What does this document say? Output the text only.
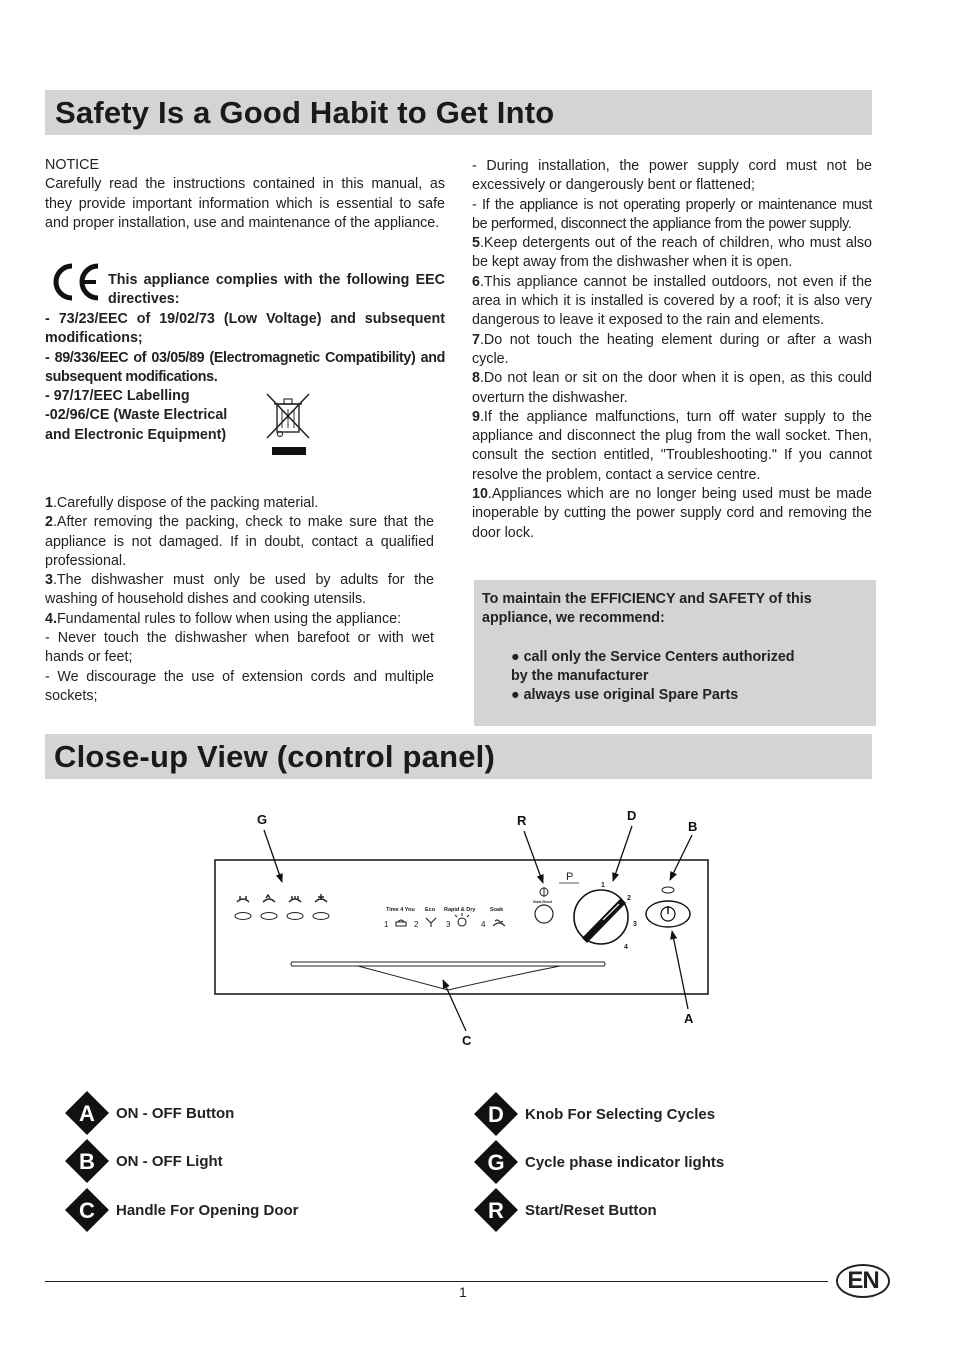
Safety Is a Good Habit to Get Into

NOTICE

Carefully read the instructions contained in this manual, as they provide important information which is essential to safe and proper installation, use and maintenance of the appliance.

This appliance complies with the following EEC directives:

- 73/23/EEC of 19/02/73 (Low Voltage) and subsequent modifications;

- 89/336/EEC of 03/05/89 (Electromagnetic Compatibility) and subsequent modifications.

- 97/17/EEC Labelling

-02/96/CE (Waste Electrical and Electronic Equipment)

1.Carefully dispose of the packing material.

2.After removing the packing, check to make sure that the appliance is not damaged. If in doubt, contact a qualified professional.

3.The dishwasher must only be used by adults for the washing of household dishes and cooking utensils.

4.Fundamental rules to follow when using the appliance:

- Never touch the dishwasher when barefoot or with wet hands or feet;

- We discourage the use of extension cords and multiple sockets;

- During installation, the power supply cord must not be excessively or dangerously bent or flattened;

- If the appliance is not operating properly or maintenance must be performed, disconnect the appliance from the power supply.

5.Keep detergents out of the reach of children, who must also be kept away from the dishwasher when it is open.

6.This appliance cannot be installed outdoors, not even if the area in which it is installed is covered by a roof; it is also very dangerous to leave it exposed to the rain and elements.

7.Do not touch the heating element during or after a wash cycle.

8.Do not lean or sit on the door when it is open, as this could overturn the dishwasher.

9.If the appliance malfunctions, turn off water supply to the appliance and disconnect the plug from the wall socket. Then, consult the section entitled, "Troubleshooting." If you cannot resolve the problem, contact a service centre.

10.Appliances which are no longer being used must be made inoperable by cutting the power supply cord and removing the door lock.

To maintain the EFFICIENCY and SAFETY of this appliance, we recommend:
● call only the Service Centers authorized
by the manufacturer
● always use original Spare Parts
Close-up View (control panel)
Time 4 You Eco Rapid & Dry	Soak
1	2	3	4
Start-Reset
P
1
2
3
4
G	R	D
B
A
C
A ON - OFF Button
B ON - OFF Light
C Handle For Opening Door
D Knob For Selecting Cycles
G Cycle phase indicator lights
R Start/Reset Button
1	EN
